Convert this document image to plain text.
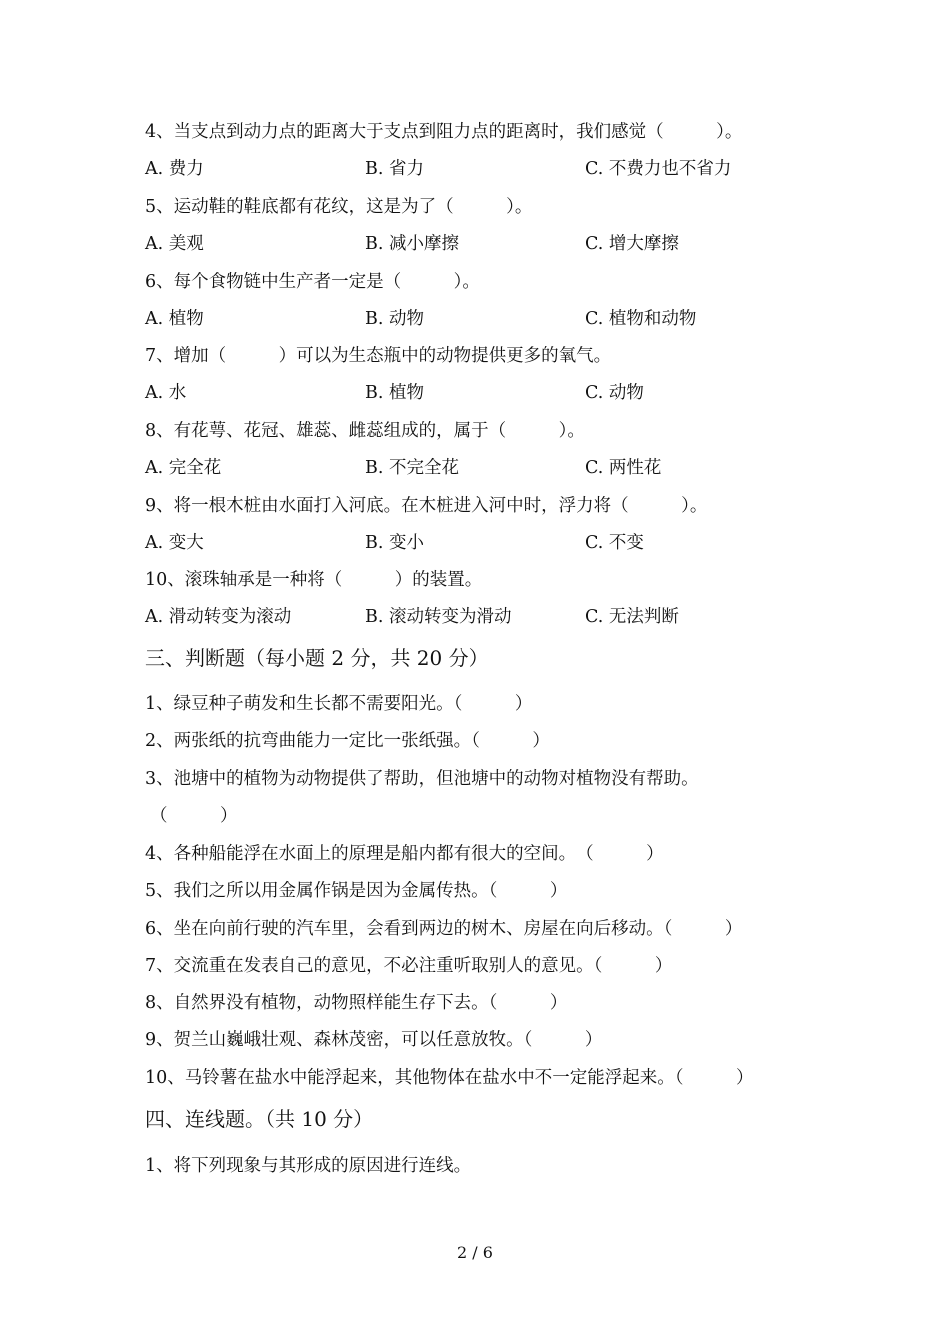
4、当支点到动力点的距离大于支点到阻力点的距离时，我们感觉（　　　）。
A. 费力	B. 省力	C. 不费力也不省力
5、运动鞋的鞋底都有花纹，这是为了（　　　）。
A. 美观	B. 减小摩擦	C. 增大摩擦
6、每个食物链中生产者一定是（　　　）。
A. 植物	B. 动物	C. 植物和动物
7、增加（　　　）可以为生态瓶中的动物提供更多的氧气。
A. 水	B. 植物	C. 动物
8、有花萼、花冠、雄蕊、雌蕊组成的，属于（　　　）。
A. 完全花	B. 不完全花	C. 两性花
9、将一根木桩由水面打入河底。在木桩进入河中时，浮力将（　　　）。
A. 变大	B. 变小	C. 不变
10、滚珠轴承是一种将（　　　）的装置。
A. 滑动转变为滚动	B. 滚动转变为滑动	C. 无法判断
三、判断题（每小题 2 分，共 20 分）
1、绿豆种子萌发和生长都不需要阳光。（　　　）
2、两张纸的抗弯曲能力一定比一张纸强。（　　　）
3、池塘中的植物为动物提供了帮助，但池塘中的动物对植物没有帮助。
（　　　）
4、各种船能浮在水面上的原理是船内都有很大的空间。　（　　　）
5、我们之所以用金属作锅是因为金属传热。（　　　）
6、坐在向前行驶的汽车里，会看到两边的树木、房屋在向后移动。（　　　）
7、交流重在发表自己的意见，不必注重听取别人的意见。（　　　）
8、自然界没有植物，动物照样能生存下去。（　　　）
9、贺兰山巍峨壮观、森林茂密，可以任意放牧。（　　　）
10、马铃薯在盐水中能浮起来，其他物体在盐水中不一定能浮起来。（　　　）
四、连线题。（共 10 分）
1、将下列现象与其形成的原因进行连线。
2 / 6
